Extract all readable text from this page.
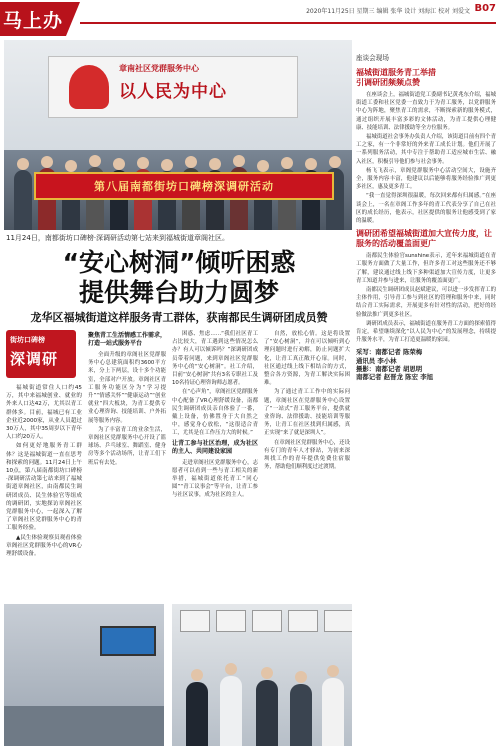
马上办	2020年11月25日 星期三 编辑 张华 设计 刘海江 校对 刘爱文 B07
章南社区党群服务中心
以人民为中心
第八届南都街坊口碑榜深调研活动
11月24日，南都街坊口碑榜·深调研活动第七站来到福城街道章阁社区。
“安心树洞”倾听困惑
提供舞台助力圆梦
龙华区福城街道这样服务青工群体，获南都民生调研团成员赞
街坊口碑榜
深调研

福城街道常住人口约45万，其中来福城创业、就业的外来人口达42万，尤其以青工群体多。目前，福城已有工业企业近2000家，从业人员超过30万人，其中35周岁以下青年人口约20万人。

如何更好地服务青工群体？这是福城街道一直在思考和探索的问题。11月24日上午10点，第八届南都街坊口碑榜·深调研活动第七站来到了福城街道章阁社区，由南都民生调研团成员、民生体验官等组成的调研团，实地探访章阁社区党群服务中心，一起深入了解了章阁社区党群服务中心的青工服务经验。

▲民生体验观察员观看体验章阁社区党群服务中心的VR心理舒缓设备。

聚焦青工生活情感工作需求，打造一站式服务平台

全面升级的章阁社区党群服务中心总建筑面积约3600平方米，分上下两层，设十多个功能室，全部对户开放。章阁社区青工服务功能区分为“学习提升”“情感关怀”“健康运动”“创业就业”四大板块，为青工提供专业心理咨询、技能培训、户外拓展等服务内容。

为了丰富青工的业余生活，章阁社区党群服务中心开设了篮球场、乒乓球室、舞蹈室、健身房等多个活动场所，让青工们下班后有去处。

困惑、焦虑……“我们社区青工占比较大，青工遇到这些情况怎么办？有人可以倾诉吗？”深调研团成员带着问题，来到章阁社区党群服务中心的“安心树洞”。社工介绍，目前“安心树洞”共有3名专职社工及10名持证心理咨询师志愿者。

在“心声角”，章阁社区党群服务中心配备了VR心理舒缓设备，南都民生调研团成员亲自体验了一番，戴上设备，仿佛置身于大自然之中，感觉身心放松，“这很适合青工，尤其是在工作压力大的时候。”

让青工参与社区治理，成为社区的主人、共同建设家园

走进章阁社区党群服务中心，志愿者可以看到一些与青工相关的新举措，福城街道依托青工“同心圆”“青工议事会”等平台，让青工参与社区议事，成为社区的主人。

自然，放松心情。这是将设置了“安心树洞”，并在可以倾听到心理问题时进行劝解，防止问题扩大化，让青工真正敞开心扉。同时，社区通过线上线下相结合的方式，整合各方资源，为青工解决实际困难。

为了通过青工工作中的实际问题，章阁社区在党群服务中心设置了“一站式”青工服务平台，提供就业咨询、法律援助、技能培训等服务，让青工在社区找到归属感，真正实现“来了就是深圳人”。

在章阁社区党群服务中心，还设有专门的青年人才驿站，为初来深圳找工作的青年提供免费住宿服务，帮助他们顺利度过过渡期。

座谈会现场
福城街道服务青工举措
引调研团频频点赞

在座谈会上，福城街道党工委副书记黄兆东介绍，福城街道工委和社区党委一直致力于为青工服务，以党群服务中心为阵地，聚焦青工的需求，不断探索新的服务模式，通过组织开展丰富多彩的文体活动，为青工提供心理健康、技能培训、法律援助等全方位服务。

福城街道社会事务办负责人介绍，该街道目前有四个青工之家，有一个非常好的外来青工成长计划。他们开展了一系列服务活动，其中专注于帮助青工适应城市生活、融入社区，积极引导他们参与社会事务。

杨飞飞表示，章阁党群服务中心活动空间大，设施齐全，服务内容丰富，他建议以后能够将服务经验推广到更多社区，惠及更多青工。

“我一直觉得深圳很温暖，每次回来都有归属感。”在座谈会上，一名在章阁工作多年的青工代表分享了自己在社区的成长经历，他表示，社区提供的服务让他感受到了家的温暖。

调研团希望福城街道加大宣传力度，让服务的活动覆盖面更广

南都民生体验官sunshine表示，近年来福城街道在青工服务方面做了大量工作，但许多青工对这些服务还不够了解，建议通过线上线下多种渠道加大宣传力度，让更多青工知道并参与进来，让服务的覆盖面更广。

南都民生调研团成员赵斌建议，可以进一步发挥青工的主体作用，引导青工参与到社区的管理和服务中来，同时结合青工实际需求，开展更多有针对性的活动，把好的经验做法推广到更多社区。

调研团成员表示，福城街道在服务青工方面的探索值得肯定，希望继续深化“以人民为中心”的发展理念，持续提升服务水平，为青工打造更温暖的家园。

采写：南都记者 陈荣梅
通讯员 李小林
摄影：南都记者 胡思明
南都记者 赵晋龙 陈宏 李旭
